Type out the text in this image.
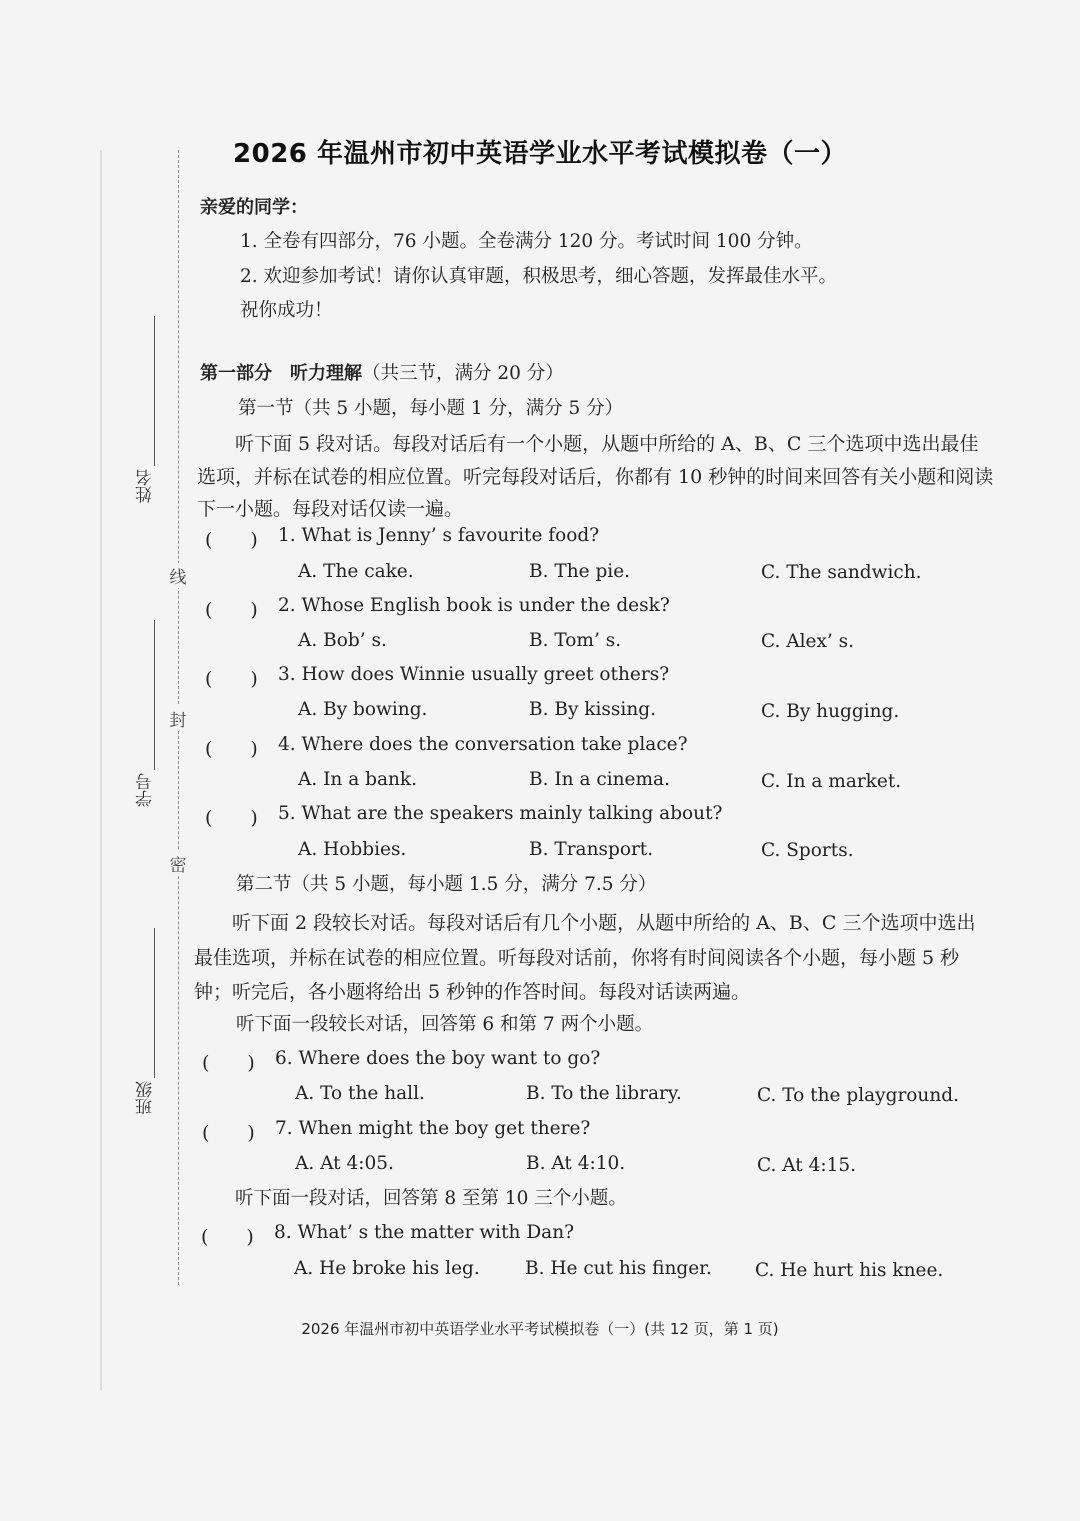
线
封
密
姓名
学号
班级
2026 年温州市初中英语学业水平考试模拟卷（一）
亲爱的同学：
1. 全卷有四部分，76 小题。全卷满分 120 分。考试时间 100 分钟。
2. 欢迎参加考试！请你认真审题，积极思考，细心答题，发挥最佳水平。
祝你成功！
第一部分　听力理解（共三节，满分 20 分）
第一节（共 5 小题，每小题 1 分，满分 5 分）
听下面 5 段对话。每段对话后有一个小题，从题中所给的 A、B、C 三个选项中选出最佳选项，并标在试卷的相应位置。听完每段对话后，你都有 10 秒钟的时间来回答有关小题和阅读下一小题。每段对话仅读一遍。
(　　) 1. What is Jenny’ s favourite food?
A. The cake.	B. The pie.	C. The sandwich.
(　　) 2. Whose English book is under the desk?
A. Bob’ s.	B. Tom’ s.	C. Alex’ s.
(　　) 3. How does Winnie usually greet others?
A. By bowing.	B. By kissing.	C. By hugging.
(　　) 4. Where does the conversation take place?
A. In a bank.	B. In a cinema.	C. In a market.
(　　) 5. What are the speakers mainly talking about?
A. Hobbies.	B. Transport.	C. Sports.
第二节（共 5 小题，每小题 1.5 分，满分 7.5 分）
听下面 2 段较长对话。每段对话后有几个小题，从题中所给的 A、B、C 三个选项中选出最佳选项，并标在试卷的相应位置。听每段对话前，你将有时间阅读各个小题，每小题 5 秒钟；听完后，各小题将给出 5 秒钟的作答时间。每段对话读两遍。
听下面一段较长对话，回答第 6 和第 7 两个小题。
(　　) 6. Where does the boy want to go?
A. To the hall.	B. To the library.	C. To the playground.
(　　) 7. When might the boy get there?
A. At 4:05.	B. At 4:10.	C. At 4:15.
听下面一段对话，回答第 8 至第 10 三个小题。
(　　) 8. What’ s the matter with Dan?
A. He broke his leg. B. He cut his finger. C. He hurt his knee.
2026 年温州市初中英语学业水平考试模拟卷（一）(共 12 页，第 1 页)
